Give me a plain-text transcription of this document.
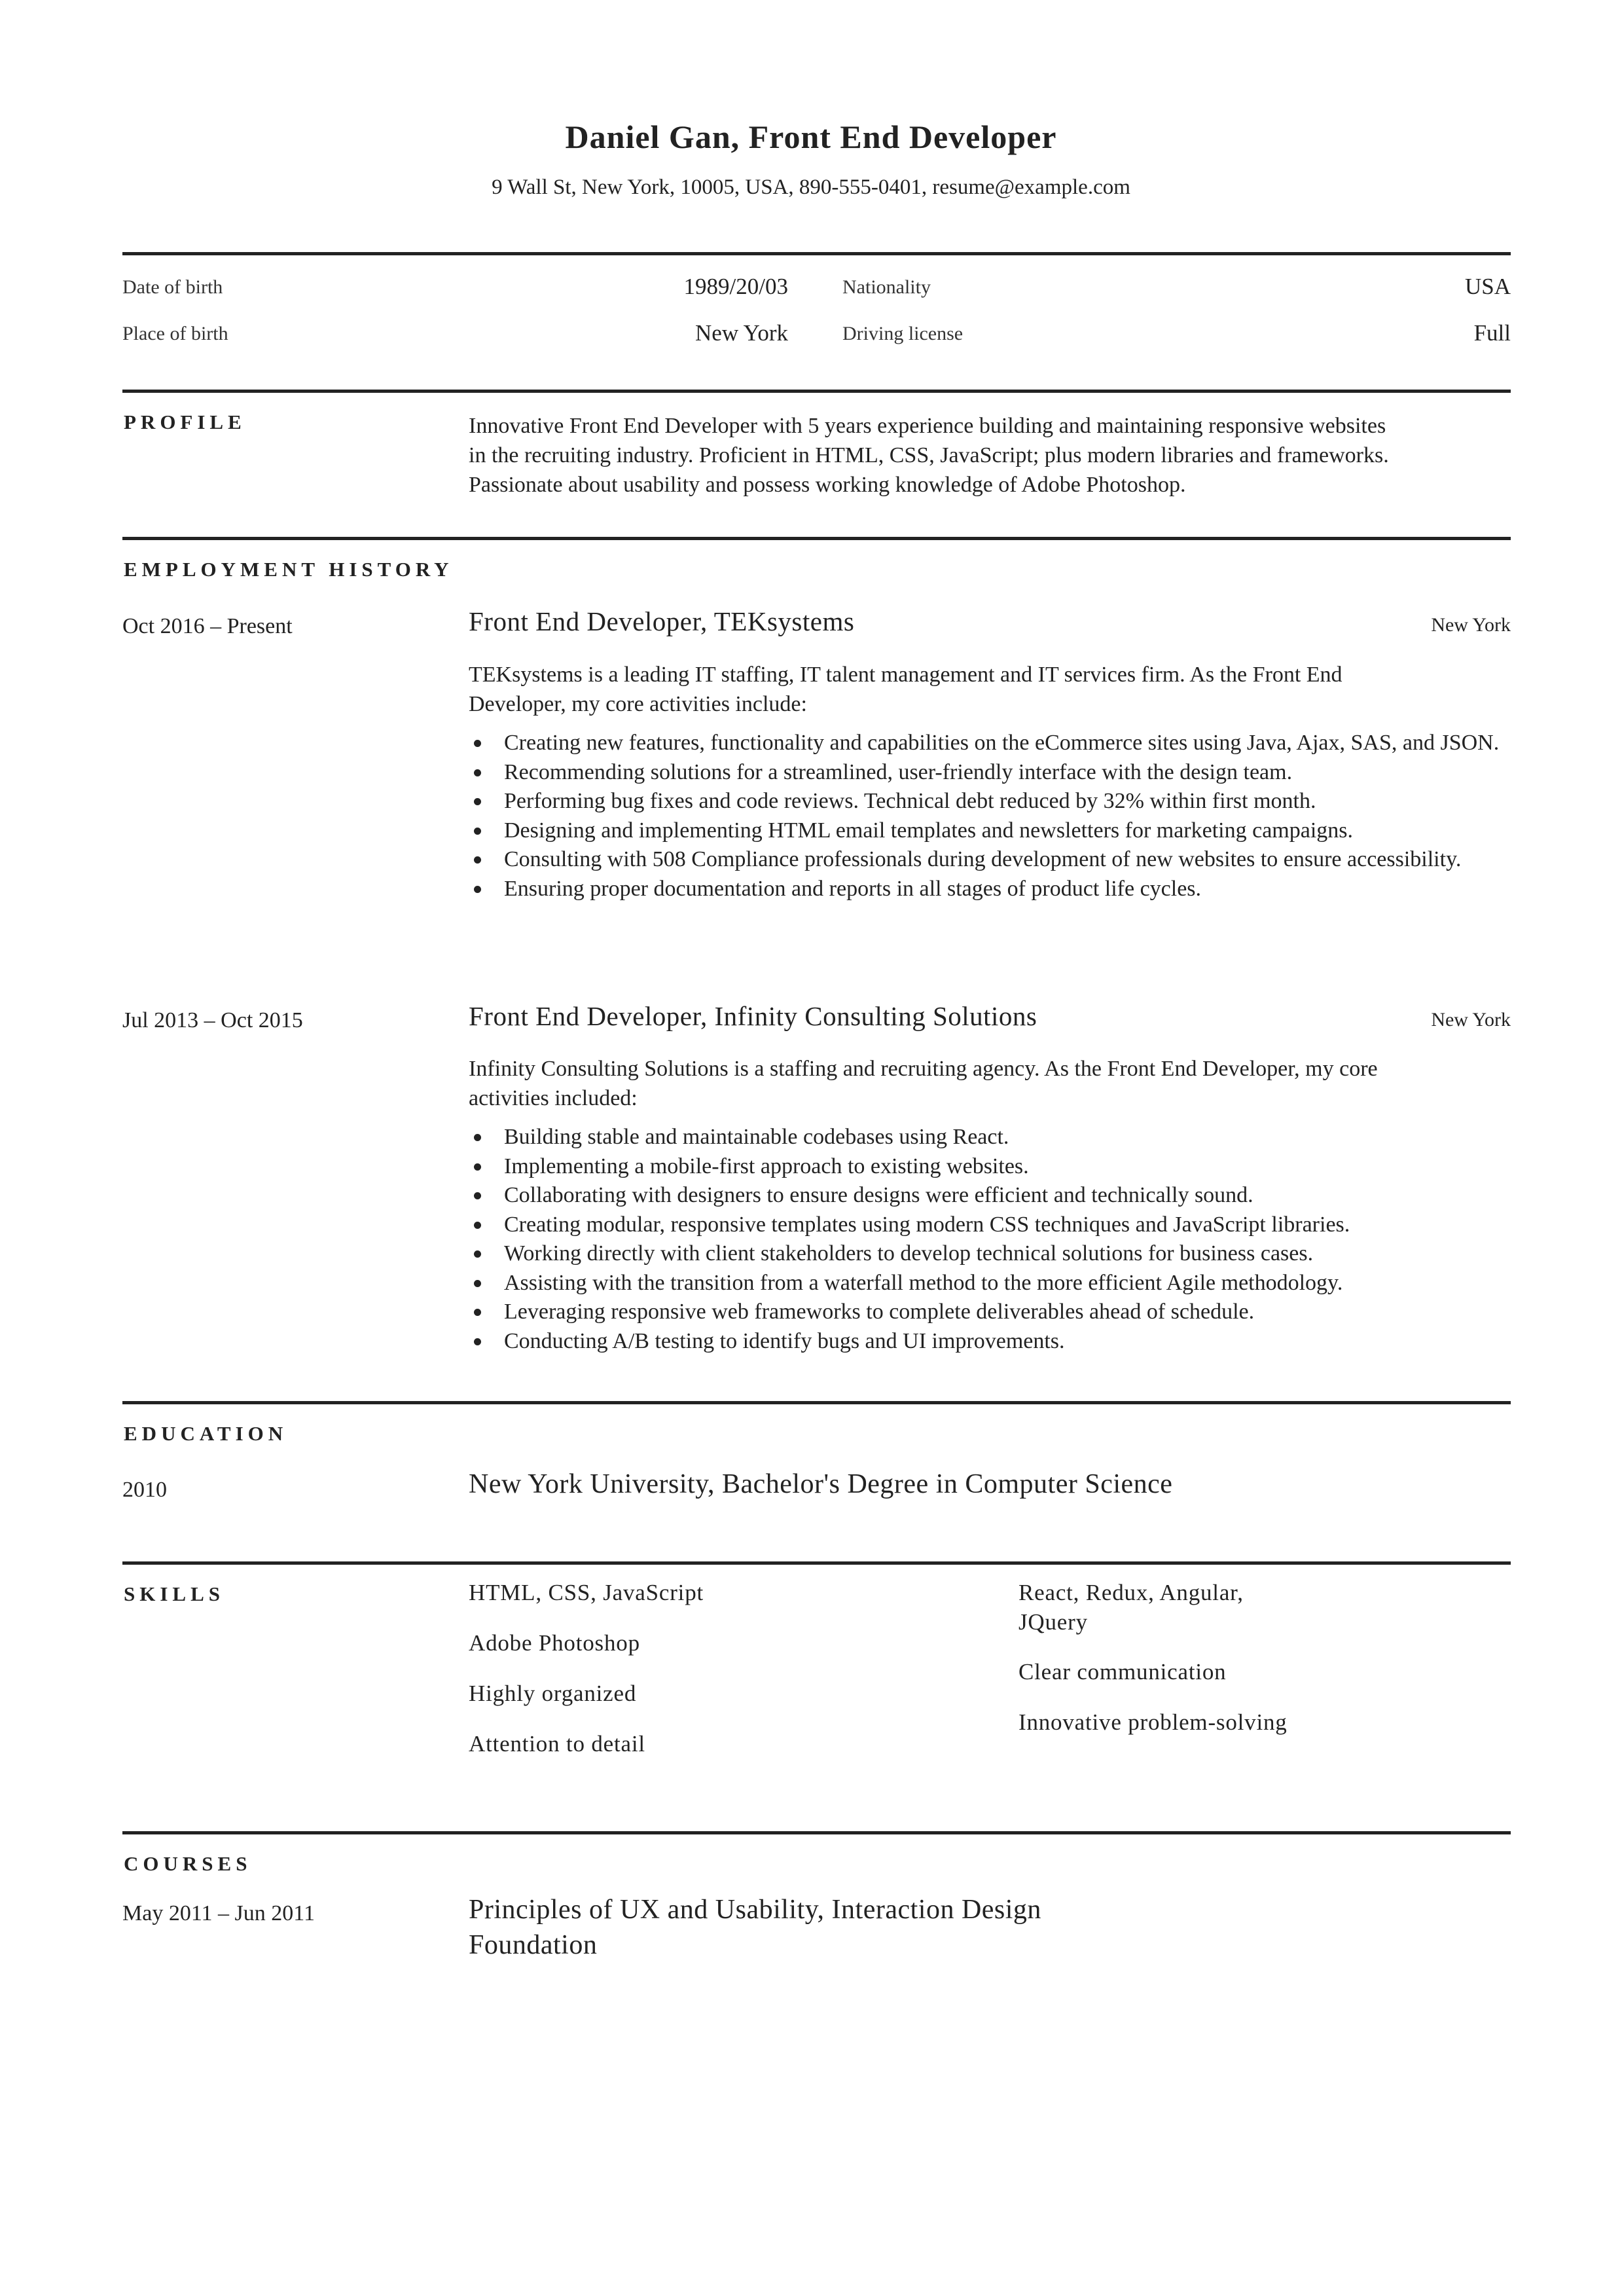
Daniel Gan, Front End Developer
9 Wall St, New York, 10005, USA, 890-555-0401, resume@example.com
Date of birth	1989/20/03	Nationality	USA
Place of birth	New York	Driving license	Full
PROFILE	Innovative Front End Developer with 5 years experience building and maintaining responsive websites
in the recruiting industry. Proficient in HTML, CSS, JavaScript; plus modern libraries and frameworks.
Passionate about usability and possess working knowledge of Adobe Photoshop.
EMPLOYMENT HISTORY
Oct 2016 – Present	Front End Developer, TEKsystems	New York
TEKsystems is a leading IT staffing, IT talent management and IT services firm. As the Front End
Developer, my core activities include:
Creating new features, functionality and capabilities on the eCommerce sites using Java, Ajax, SAS, and JSON.
Recommending solutions for a streamlined, user-friendly interface with the design team.
Performing bug fixes and code reviews. Technical debt reduced by 32% within first month.
Designing and implementing HTML email templates and newsletters for marketing campaigns.
Consulting with 508 Compliance professionals during development of new websites to ensure accessibility.
Ensuring proper documentation and reports in all stages of product life cycles.
Jul 2013 – Oct 2015	Front End Developer, Infinity Consulting Solutions	New York
Infinity Consulting Solutions is a staffing and recruiting agency. As the Front End Developer, my core
activities included:
Building stable and maintainable codebases using React.
Implementing a mobile-first approach to existing websites.
Collaborating with designers to ensure designs were efficient and technically sound.
Creating modular, responsive templates using modern CSS techniques and JavaScript libraries.
Working directly with client stakeholders to develop technical solutions for business cases.
Assisting with the transition from a waterfall method to the more efficient Agile methodology.
Leveraging responsive web frameworks to complete deliverables ahead of schedule.
Conducting A/B testing to identify bugs and UI improvements.
EDUCATION
2010	New York University, Bachelor's Degree in Computer Science
SKILLS	HTML, CSS, JavaScript
Adobe Photoshop
Highly organized
Attention to detail
React, Redux, Angular,
JQuery
Clear communication
Innovative problem-solving
COURSES
May 2011 – Jun 2011	Principles of UX and Usability, Interaction Design
Foundation
